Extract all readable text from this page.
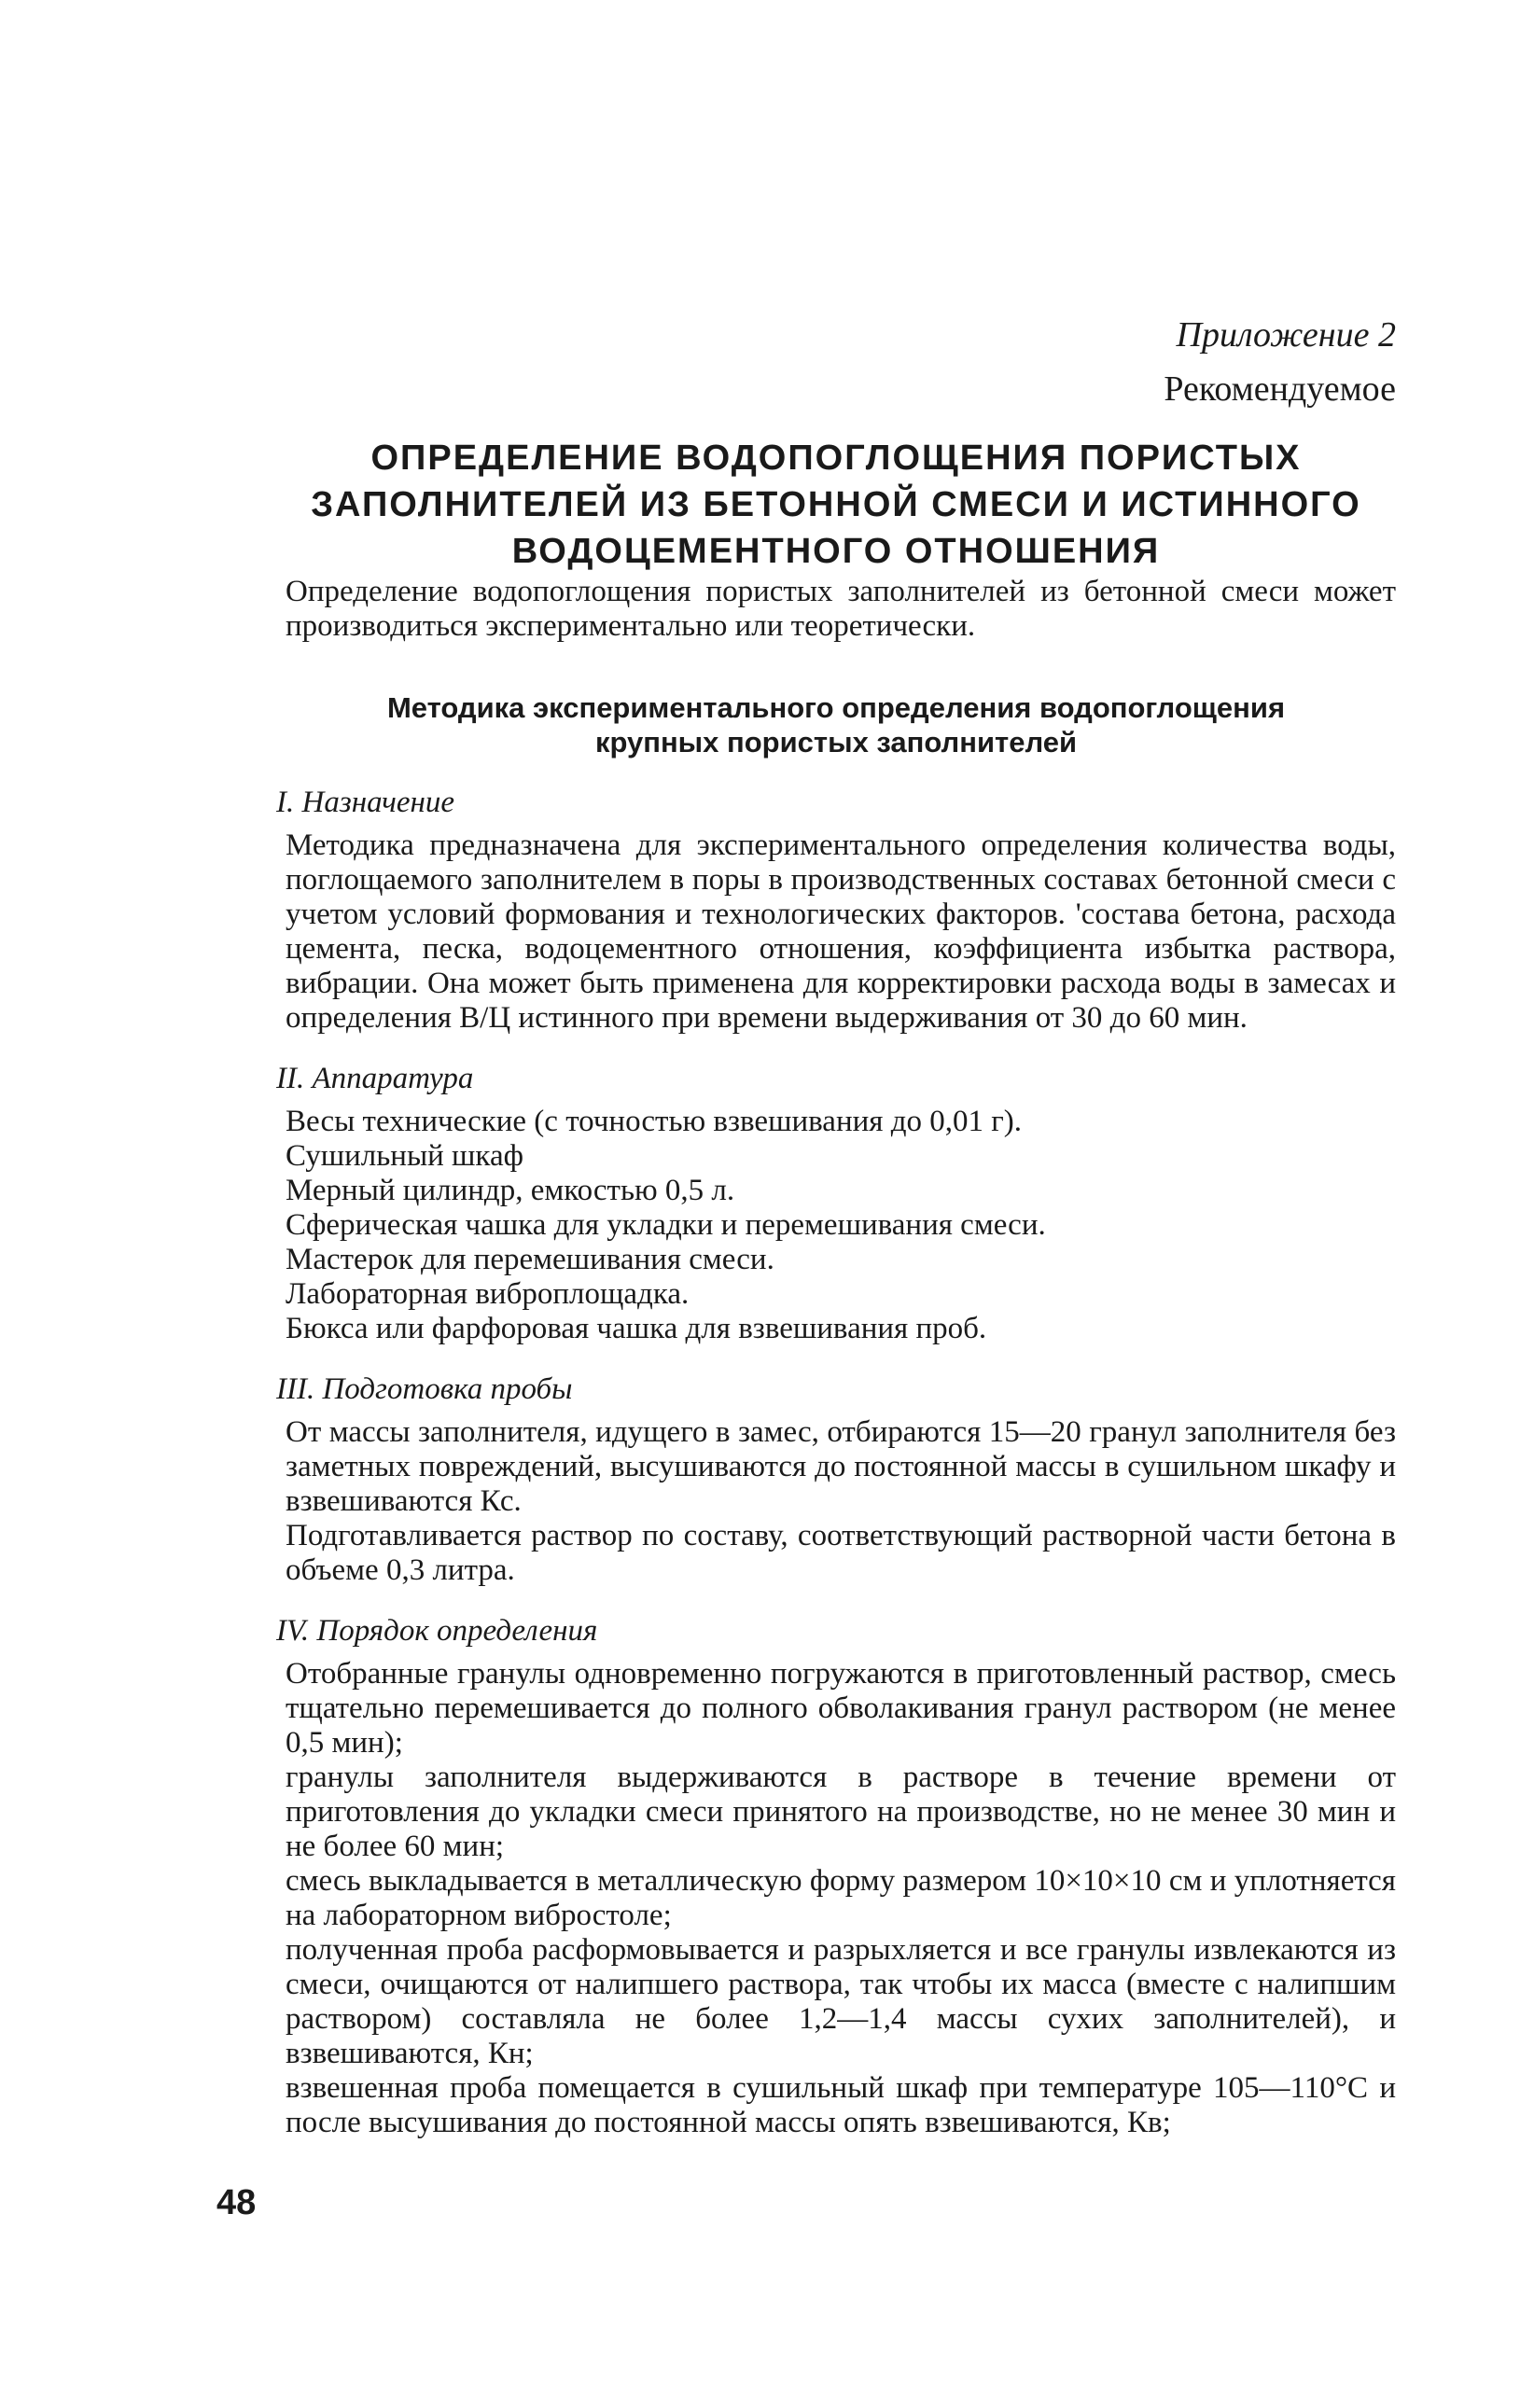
Приложение 2
Рекомендуемое
ОПРЕДЕЛЕНИЕ ВОДОПОГЛОЩЕНИЯ ПОРИСТЫХ
ЗАПОЛНИТЕЛЕЙ ИЗ БЕТОННОЙ СМЕСИ И ИСТИННОГО
ВОДОЦЕМЕНТНОГО ОТНОШЕНИЯ

Определение водопоглощения пористых заполнителей из бетонной смеси может производиться экспериментально или теоретически.

Методика экспериментального определения водопоглощения
крупных пористых заполнителей
I. Назначение

Методика предназначена для экспериментального определения количества воды, поглощаемого заполнителем в поры в производственных составах бетонной смеси с учетом условий формования и технологических факторов. 'состава бетона, расхода цемента, песка, водоцементного отношения, коэффициента избытка раствора, вибрации. Она может быть применена для корректировки расхода воды в замесах и определения В/Ц истинного при времени выдерживания от 30 до 60 мин.

II. Аппаратура
Весы технические (с точностью взвешивания до 0,01 г).
Сушильный шкаф
Мерный цилиндр, емкостью 0,5 л.
Сферическая чашка для укладки и перемешивания смеси.
Мастерок для перемешивания смеси.
Лабораторная виброплощадка.
Бюкса или фарфоровая чашка для взвешивания проб.
III. Подготовка пробы

От массы заполнителя, идущего в замес, отбираются 15—20 гранул заполнителя без заметных повреждений, высушиваются до постоянной массы в сушильном шкафу и взвешиваются Кс.

Подготавливается раствор по составу, соответствующий растворной части бетона в объеме 0,3 литра.

IV. Порядок определения

Отобранные гранулы одновременно погружаются в приготовленный раствор, смесь тщательно перемешивается до полного обволакивания гранул раствором (не менее 0,5 мин);

гранулы заполнителя выдерживаются в растворе в течение времени от приготовления до укладки смеси принятого на производстве, но не менее 30 мин и не более 60 мин;

смесь выкладывается в металлическую форму размером 10×10×10 см и уплотняется на лабораторном вибростоле;

полученная проба расформовывается и разрыхляется и все гранулы извлекаются из смеси, очищаются от налипшего раствора, так чтобы их масса (вместе с налипшим раствором) составляла не более 1,2—1,4 массы сухих заполнителей), и взвешиваются, Кн;

взвешенная проба помещается в сушильный шкаф при температуре 105—110°С и после высушивания до постоянной массы опять взвешиваются, Кв;

48
